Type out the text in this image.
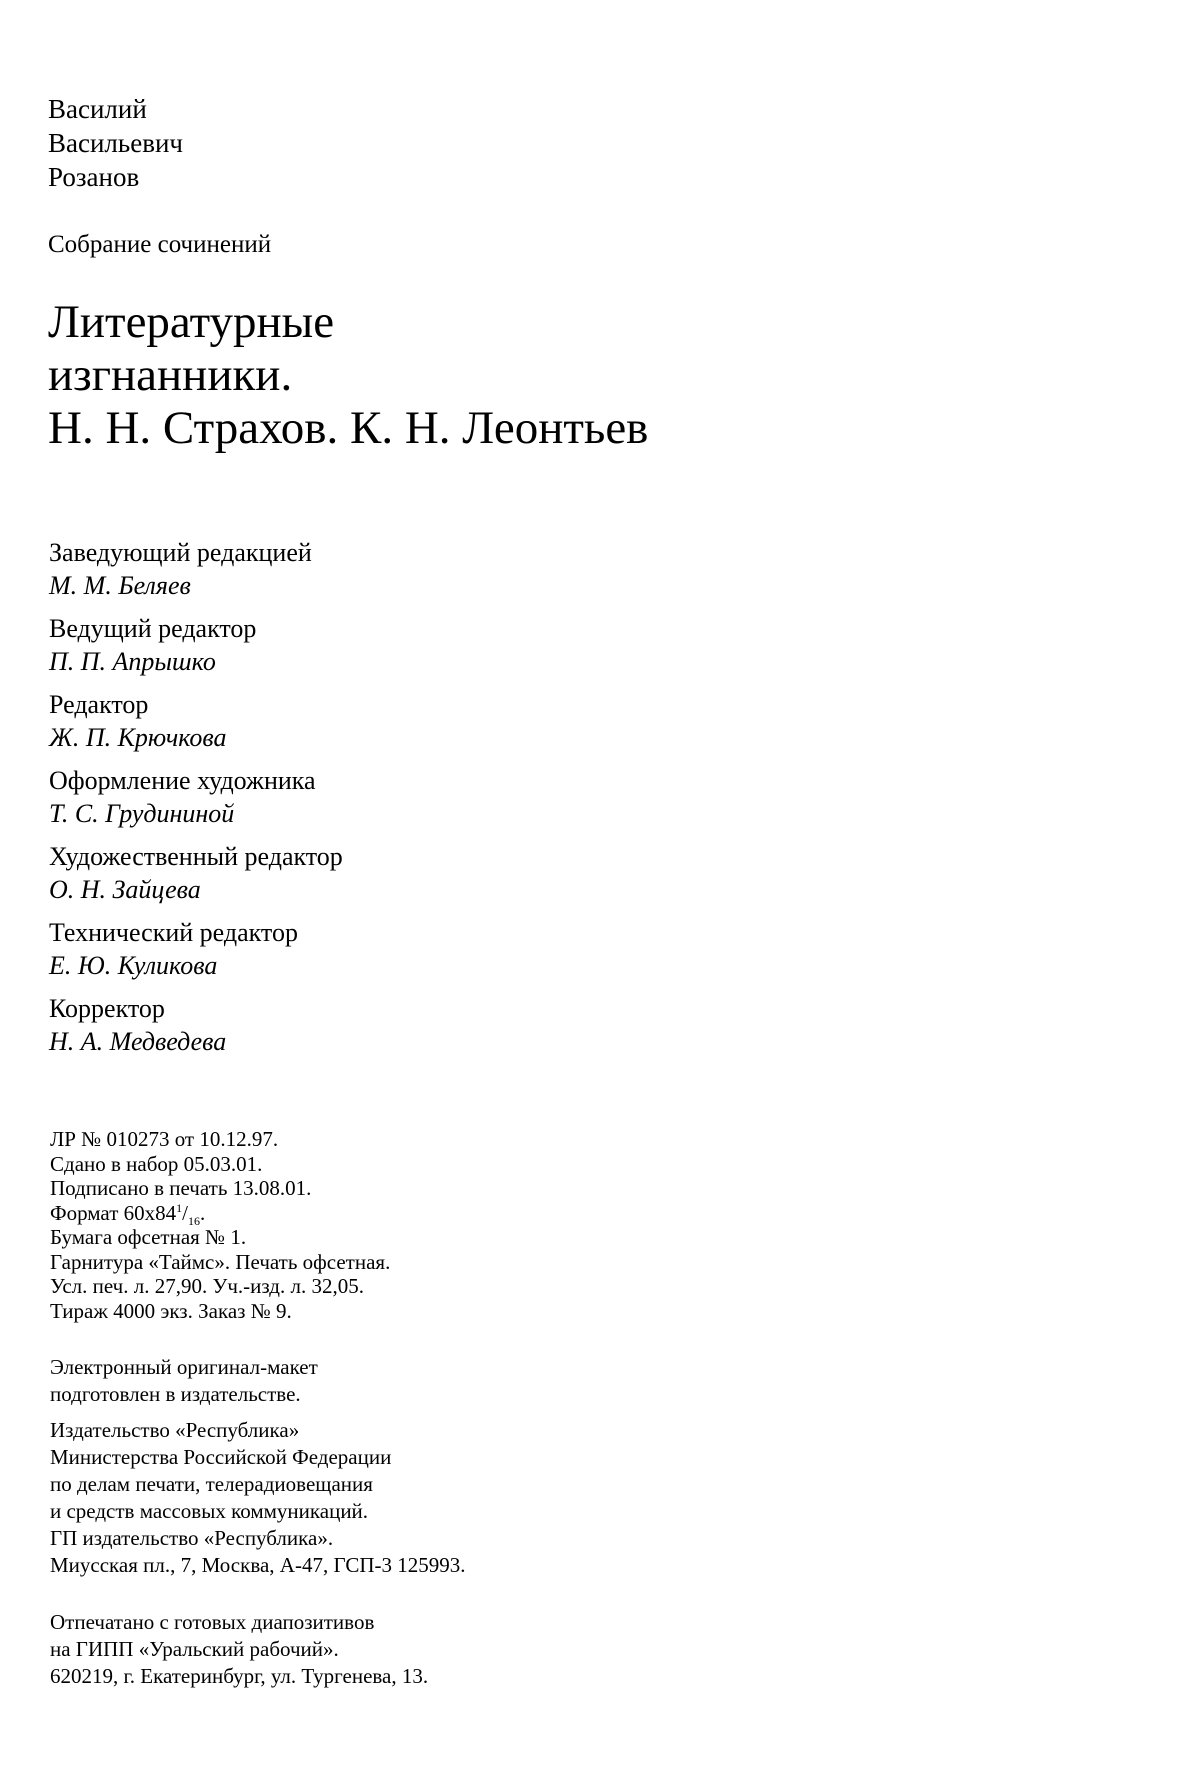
Василий
Васильевич
Розанов
Собрание сочинений
Литературные
изгнанники.
Н. Н. Страхов. К. Н. Леонтьев
Заведующий редакцией
М. М. Беляев
Ведущий редактор
П. П. Апрышко
Редактор
Ж. П. Крючкова
Оформление художника
Т. С. Грудининой
Художественный редактор
О. Н. Зайцева
Технический редактор
Е. Ю. Куликова
Корректор
Н. А. Медведева
ЛР № 010273 от 10.12.97.
Сдано в набор 05.03.01.
Подписано в печать 13.08.01.
Формат $60x84^1/_{16}$.
Бумага офсетная № 1.
Гарнитура «Таймс». Печать офсетная.
Усл. печ. л. 27,90. Уч.-изд. л. 32,05.
Тираж 4000 экз. Заказ № 9.
Электронный оригинал-макет
подготовлен в издательстве.
Издательство «Республика»
Министерства Российской Федерации
по делам печати, телерадиовещания
и средств массовых коммуникаций.
ГП издательство «Республика».
Миусская пл., 7, Москва, А-47, ГСП-3 125993.
Отпечатано с готовых диапозитивов
на ГИПП «Уральский рабочий».
620219, г. Екатеринбург, ул. Тургенева, 13.
